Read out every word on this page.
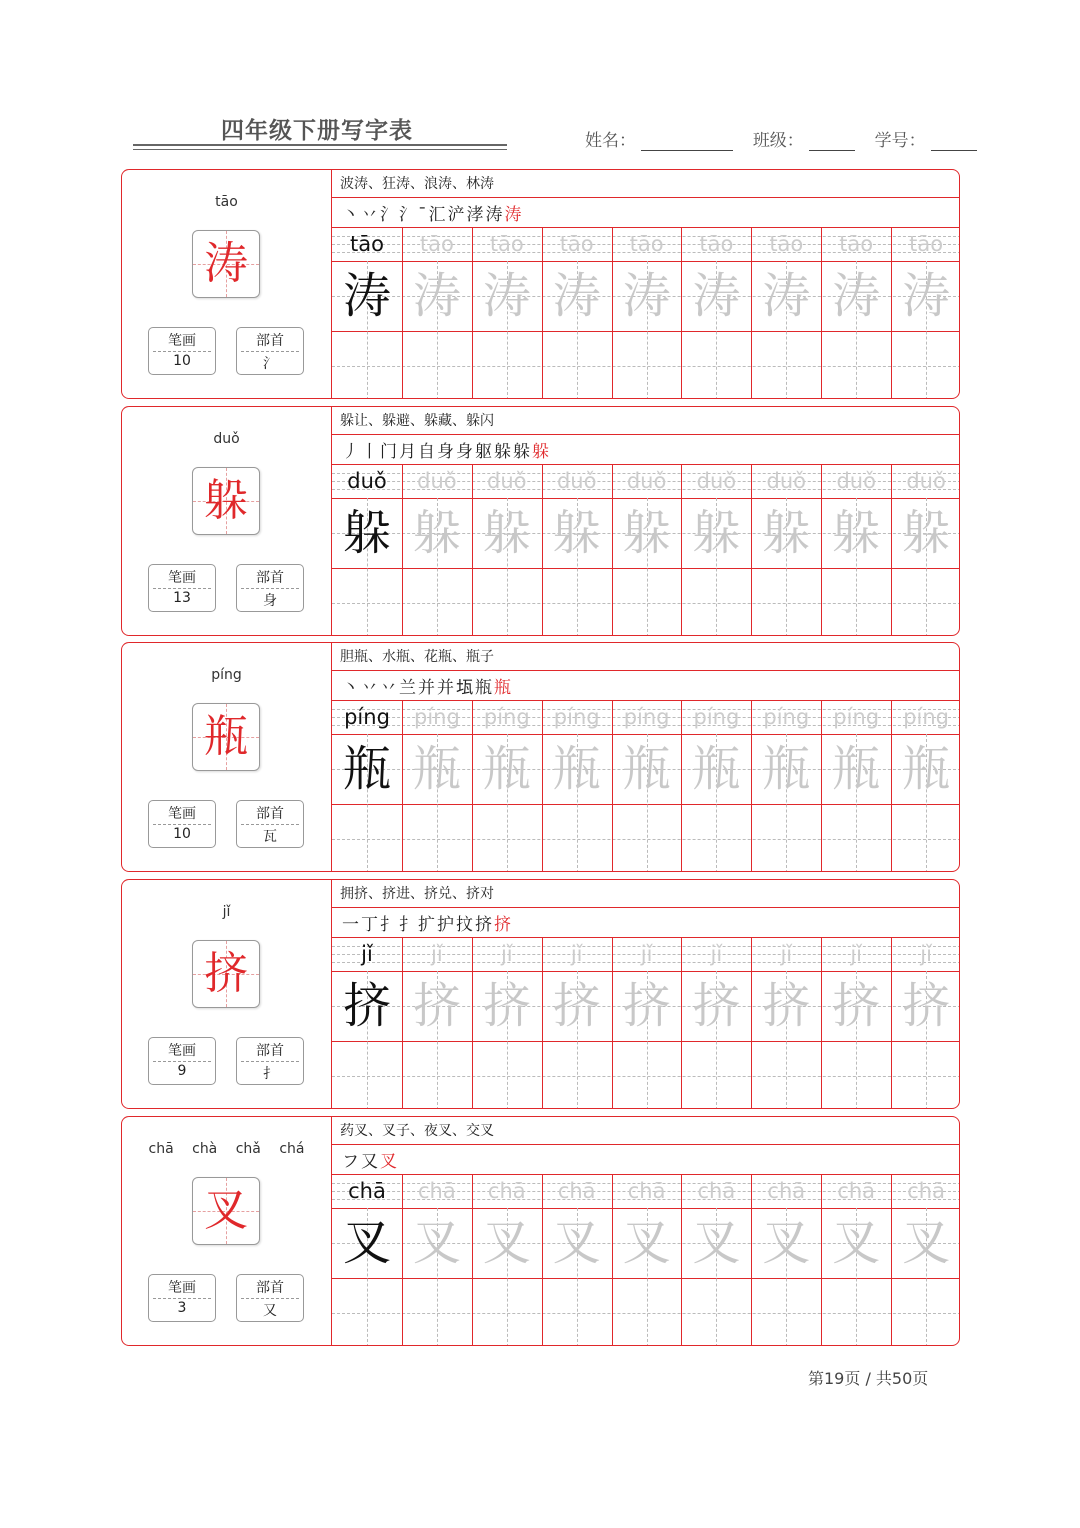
四年级下册写字表	姓名：	班级：	学号：
tāo
涛
笔画
10
部首
氵
波涛、狂涛、浪涛、林涛
丶丷氵氵ˉ汇浐涍涛涛
tāo
涛
tāo
涛
tāo
涛
tāo
涛
tāo
涛
tāo
涛
tāo
涛
tāo
涛
tāo
涛
duǒ
躲
笔画
13
部首
身
躲让、躲避、躲藏、躲闪
丿丨门月自身身躯躲躲躲
duǒ
躲
duǒ
躲
duǒ
躲
duǒ
躲
duǒ
躲
duǒ
躲
duǒ
躲
duǒ
躲
duǒ
躲
píng
瓶
笔画
10
部首
瓦
胆瓶、水瓶、花瓶、瓶子
丶丷丷兰并并𤬪瓶瓶
píng
瓶
píng
瓶
píng
瓶
píng
瓶
píng
瓶
píng
瓶
píng
瓶
píng
瓶
píng
瓶
jǐ
挤
笔画
9
部首
扌
拥挤、挤进、挤兑、挤对
一丁扌扌扩护抆挤挤
jǐ
挤
jǐ
挤
jǐ
挤
jǐ
挤
jǐ
挤
jǐ
挤
jǐ
挤
jǐ
挤
jǐ
挤
chā chà chǎ chá
叉
笔画
3
部首
又
药叉、叉子、夜叉、交叉
フ又叉
chā
叉
chā
叉
chā
叉
chā
叉
chā
叉
chā
叉
chā
叉
chā
叉
chā
叉
第19页 / 共50页
